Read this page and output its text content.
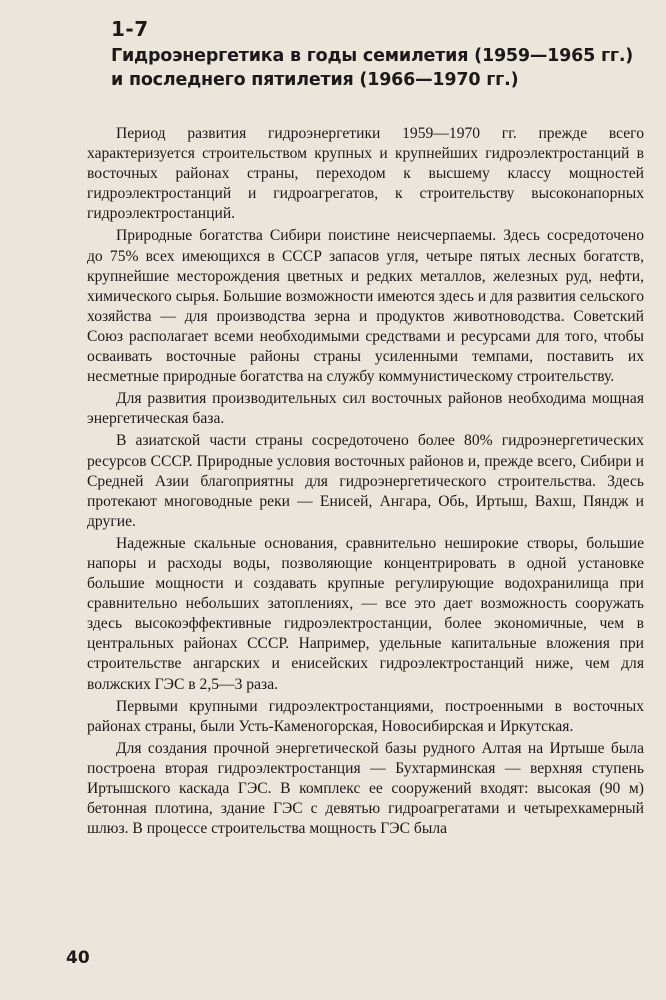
1-7
Гидроэнергетика в годы семилетия (1959—1965 гг.)
и последнего пятилетия (1966—1970 гг.)

Период развития гидроэнергетики 1959—1970 гг. прежде всего характеризуется строительством крупных и крупнейших гидроэлектростанций в восточных районах страны, переходом к высшему классу мощностей гидроэлектростанций и гидроагрегатов, к строительству высоконапорных гидроэлектростанций.

Природные богатства Сибири поистине неисчерпаемы. Здесь сосредоточено до 75% всех имеющихся в СССР запасов угля, четыре пятых лесных богатств, крупнейшие месторождения цветных и редких металлов, железных руд, нефти, химического сырья. Большие возможности имеются здесь и для развития сельского хозяйства — для производства зерна и продуктов животноводства. Советский Союз располагает всеми необходимыми средствами и ресурсами для того, чтобы осваивать восточные районы страны усиленными темпами, поставить их несметные природные богатства на службу коммунистическому строительству.

Для развития производительных сил восточных районов необходима мощная энергетическая база.

В азиатской части страны сосредоточено более 80% гидроэнергетических ресурсов СССР. Природные условия восточных районов и, прежде всего, Сибири и Средней Азии благоприятны для гидроэнергетического строительства. Здесь протекают многоводные реки — Енисей, Ангара, Обь, Иртыш, Вахш, Пяндж и другие.

Надежные скальные основания, сравнительно неширокие створы, большие напоры и расходы воды, позволяющие концентрировать в одной установке большие мощности и создавать крупные регулирующие водохранилища при сравнительно небольших затоплениях, — все это дает возможность сооружать здесь высокоэффективные гидроэлектростанции, более экономичные, чем в центральных районах СССР. Например, удельные капитальные вложения при строительстве ангарских и енисейских гидроэлектростанций ниже, чем для волжских ГЭС в 2,5—3 раза.

Первыми крупными гидроэлектростанциями, построенными в восточных районах страны, были Усть-Каменогорская, Новосибирская и Иркутская.

Для создания прочной энергетической базы рудного Алтая на Иртыше была построена вторая гидроэлектростанция — Бухтарминская — верхняя ступень Иртышского каскада ГЭС. В комплекс ее сооружений входят: высокая (90 м) бетонная плотина, здание ГЭС с девятью гидроагрегатами и четырехкамерный шлюз. В процессе строительства мощность ГЭС была

40
